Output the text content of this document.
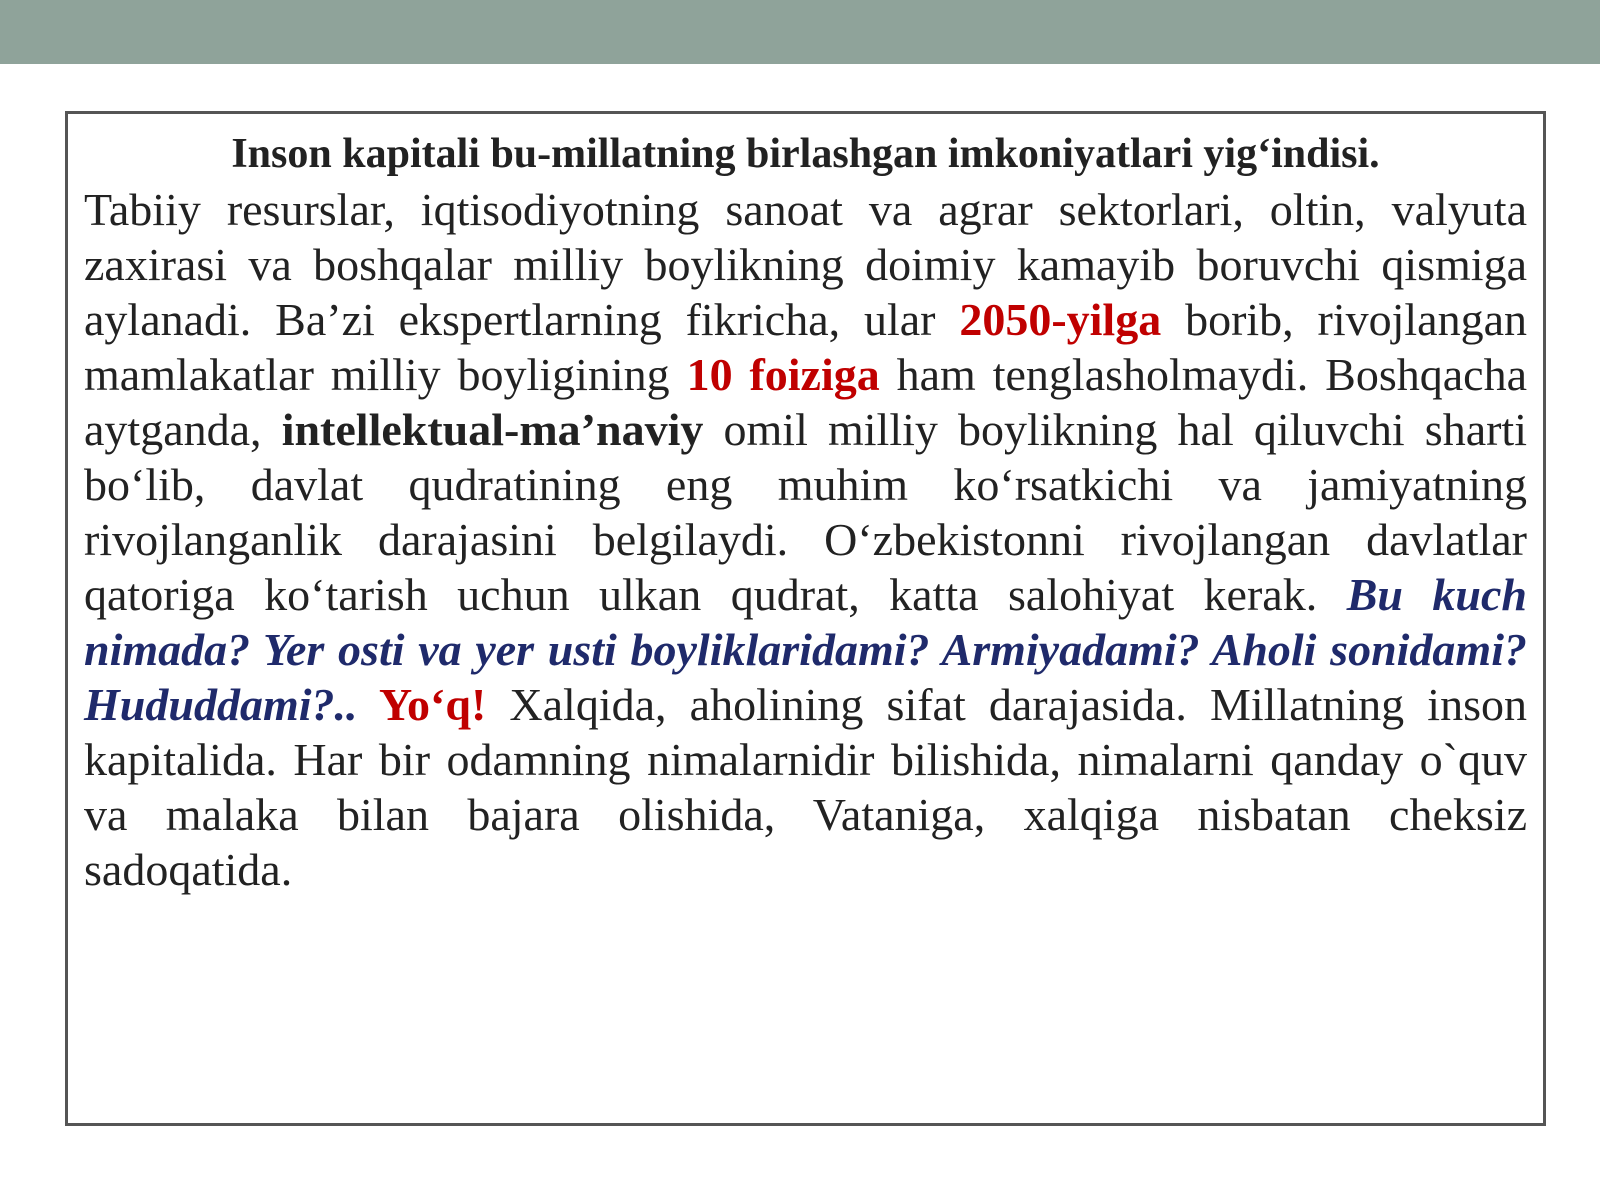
Inson kapitali bu-millatning birlashgan imkoniyatlari yig‘indisi.

Tabiiy resurslar, iqtisodiyotning sanoat va agrar sektorlari, oltin, valyuta zaxirasi va boshqalar milliy boylikning doimiy kamayib boruvchi qismiga aylanadi. Ba’zi ekspertlarning fikricha, ular 2050-yilga borib, rivojlangan mamlakatlar milliy boyligining 10 foiziga ham tenglasholmaydi. Boshqacha aytganda, intellektual-ma’naviy omil milliy boylikning hal qiluvchi sharti bo‘lib, davlat qudratining eng muhim ko‘rsatkichi va jamiyatning rivojlanganlik darajasini belgilaydi. O‘zbekistonni rivojlangan davlatlar qatoriga ko‘tarish uchun ulkan qudrat, katta salohiyat kerak. Bu kuch nimada? Yer osti va yer usti boyliklaridami? Armiyadami? Aholi sonidami? Hududdami?.. Yo‘q! Xalqida, aholining sifat darajasida. Millatning inson kapitalida. Har bir odamning nimalarnidir bilishida, nimalarni qanday o`quv va malaka bilan bajara olishida, Vataniga, xalqiga nisbatan cheksiz sadoqatida.
